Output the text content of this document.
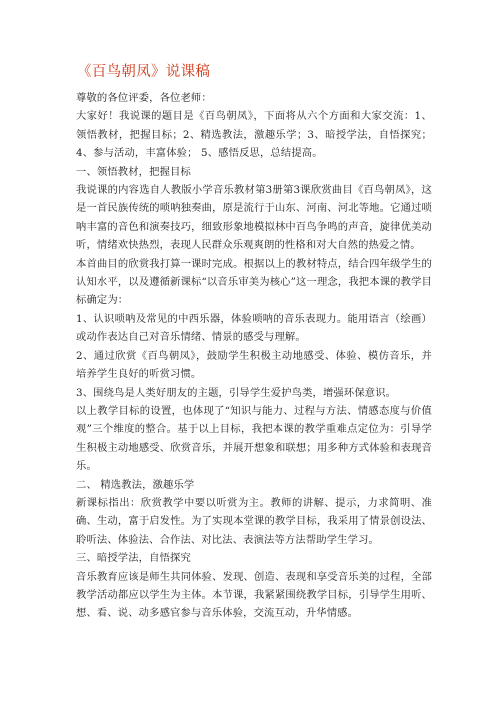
《百鸟朝凤》说课稿
尊敬的各位评委，各位老师：
大家好！我说课的题目是《百鸟朝凤》，下面将从六个方面和大家交流：1、领悟教材，把握目标；2、精选教法，激趣乐学；3、暗授学法，自悟探究；4、参与活动，丰富体验； 5、感悟反思，总结提高。
一、领悟教材，把握目标
我说课的内容选自人教版小学音乐教材第3册第3课欣赏曲目《百鸟朝凤》，这是一首民族传统的唢呐独奏曲，原是流行于山东、河南、河北等地。它通过唢呐丰富的音色和演奏技巧，细致形象地模拟林中百鸟争鸣的声音，旋律优美动听，情绪欢快热烈，表现人民群众乐观爽朗的性格和对大自然的热爱之情。
本首曲目的欣赏我打算一课时完成。根据以上的教材特点，结合四年级学生的认知水平，以及遵循新课标“以音乐审美为核心”这一理念，我把本课的教学目标确定为：
1、认识唢呐及常见的中西乐器，体验唢呐的音乐表现力。能用语言（绘画）或动作表达自己对音乐情绪、情景的感受与理解。
2、通过欣赏《百鸟朝凤》，鼓励学生积极主动地感受、体验、模仿音乐，并培养学生良好的听赏习惯。
3、围绕鸟是人类好朋友的主题，引导学生爱护鸟类，增强环保意识。
以上教学目标的设置，也体现了“知识与能力、过程与方法、情感态度与价值观”三个维度的整合。基于以上目标，我把本课的教学重难点定位为：引导学生积极主动地感受、欣赏音乐，并展开想象和联想；用多种方式体验和表现音乐。
二、 精选教法，激趣乐学
新课标指出：欣赏教学中要以听赏为主。教师的讲解、提示，力求简明、准确、生动，富于启发性。为了实现本堂课的教学目标，我采用了情景创设法、聆听法、体验法、合作法、对比法、表演法等方法帮助学生学习。
三、暗授学法，自悟探究
音乐教育应该是师生共同体验、发现、创造、表现和享受音乐美的过程，全部教学活动都应以学生为主体。本节课，我紧紧围绕教学目标，引导学生用听、想、看、说、动多感官参与音乐体验，交流互动，升华情感。
